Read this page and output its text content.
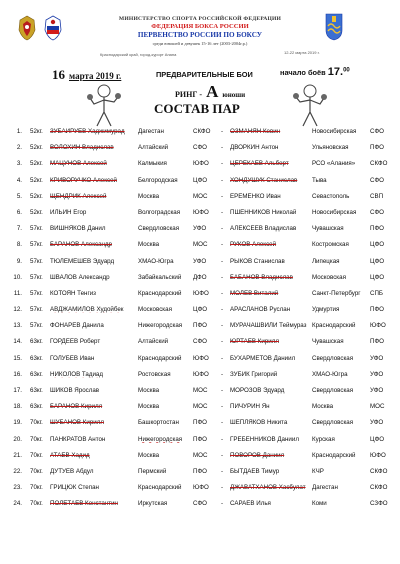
МИНИСТЕРСТВО СПОРТА РОССИЙСКОЙ ФЕДЕРАЦИИ
ФЕДЕРАЦИЯ БОКСА РОССИИ
ПЕРВЕНСТВО РОССИИ ПО БОКСУ
среди юношей и девушек 15-16 лет (2003-2004г.р.)
Краснодарский край, город-курорт Анапа	12-22 марта 2019 г.
16 марта 2019 г.	ПРЕДВАРИТЕЛЬНЫЕ БОИ	начало боёв 17.00
РИНГ - А юноши
СОСТАВ ПАР
1. 52кг.	ЗУБАИРУЕВ Хаджимурад	Дагестан	СКФО	-	ОЗМАНЯН Кевин	Новосибирская	СФО
2. 52кг.	ВОЛОХИН Владислав	Алтайский	СФО	-	ДВОРКИН Антон	Ульяновская	ПФО
3. 52кг.	МАЦУНОВ Алексей	Калмыкия	ЮФО	-	ЦЕРЕКАЕВ Альберт	РСО «Алания»	СКФО
4. 52кг.	КРИВОРУЧКО Алексей	Белгородская	ЦФО	-	ХОНДУШУК Станислав	Тыва	СФО
5. 52кг.	ЩЕНДРИК Алексей	Москва	МОС	-	ЕРЕМЕНКО Иван	Севастополь	СВП
6. 52кг.	ИЛЬИН Егор	Волгоградская	ЮФО	-	ПШЕННИКОВ Николай	Новосибирская	СФО
7. 57кг.	ВИШНЯКОВ Данил	Свердловская	УФО	-	АЛЕКСЕЕВ Владислав	Чувашская	ПФО
8. 57кг.	БАРАНОВ Александр	Москва	МОС	-	РУКОВ Алексей	Костромская	ЦФО
9. 57кг.	ТЮЛЕМЕШЕВ Эдуард	ХМАО-Югра	УФО	-	РЫКОВ Станислав	Липецкая	ЦФО
10. 57кг.	ШВАЛОВ Александр	Забайкальский	ДФО	-	БАБАНОВ Владислав	Московская	ЦФО
11. 57кг.	КОТОЯН Тенгиз	Краснодарский	ЮФО	-	МОЛЕВ Виталий	Санкт-Петербург	СПБ
12. 57кг.	АВДЖАМИЛОВ Худойбек	Московская	ЦФО	-	АРАСЛАНОВ Руслан	Удмуртия	ПФО
13. 57кг.	ФОНАРЕВ Данила	Нижегородская	ПФО	-	МУРАЧАШВИЛИ Теймураз Краснодарский	ЮФО
14. 63кг.	ГОРДЕЕВ Роберт	Алтайский	СФО	-	ЮРТАЕВ Кирилл	Чувашская	ПФО
15. 63кг.	ГОЛУБЕВ Иван	Краснодарский	ЮФО	-	БУХАРМЕТОВ Даниил	Свердловская	УФО
16. 63кг.	НИКОЛОВ Тадиад	Ростовская	ЮФО	-	ЗУБИК Григорий	ХМАО-Югра	УФО
17. 63кг.	ШИКОВ Ярослав	Москва	МОС	-	МОРОЗОВ Эдуард	Свердловская	УФО
18. 63кг.	БАРАНОВ Кирилл	Москва	МОС	-	ПИЧУРИН Ян	Москва	МОС
19. 70кг.	ШУБАНОВ Кирилл	Башкортостан	ПФО	-	ШЕПЛЯКОВ Никита	Свердловская	УФО
20. 70кг.	ПАНКРАТОВ Антон	Нижегородская	ПФО	-	ГРЕБЕННИКОВ Даниил	Курская	ЦФО
21. 70кг.	АТАЕВ Хадид	Москва	МОС	-	ПОВОРОВ Даниил	Краснодарский	ЮФО
22. 70кг.	ДУТУЕВ Абдул	Пермский	ПФО	-	БЫТДАЕВ Тимур	КЧР	СКФО
23. 70кг.	ГРИЦЮК Степан	Краснодарский	ЮФО	-	ДЖАВАТХАНОВ Хасбулат	Дагестан	СКФО
24. 70кг.	ПОЛЕТАЕВ Константин	Иркутская	СФО	-	САРАЕВ Илья	Коми	СЗФО
